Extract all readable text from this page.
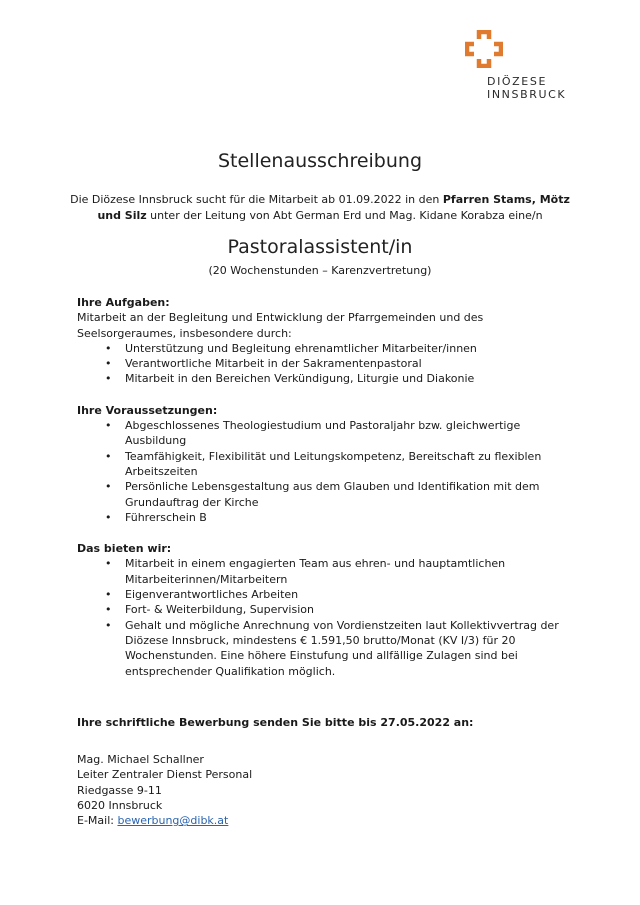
DIÖZESE
INNSBRUCK
Stellenausschreibung
Die Diözese Innsbruck sucht für die Mitarbeit ab 01.09.2022 in den Pfarren Stams, Mötz und Silz unter der Leitung von Abt German Erd und Mag. Kidane Korabza eine/n
Pastoralassistent/in
(20 Wochenstunden – Karenzvertretung)
Ihre Aufgaben:

Mitarbeit an der Begleitung und Entwicklung der Pfarrgemeinden und des Seelsorgeraumes, insbesondere durch:

• Unterstützung und Begleitung ehrenamtlicher Mitarbeiter/innen
• Verantwortliche Mitarbeit in der Sakramentenpastoral
• Mitarbeit in den Bereichen Verkündigung, Liturgie und Diakonie
Ihre Voraussetzungen:
• Abgeschlossenes Theologiestudium und Pastoraljahr bzw. gleichwertige Ausbildung
• Teamfähigkeit, Flexibilität und Leitungskompetenz, Bereitschaft zu flexiblen Arbeitszeiten
• Persönliche Lebensgestaltung aus dem Glauben und Identifikation mit dem Grundauftrag der Kirche
• Führerschein B
Das bieten wir:
• Mitarbeit in einem engagierten Team aus ehren- und hauptamtlichen Mitarbeiterinnen/Mitarbeitern
• Eigenverantwortliches Arbeiten
• Fort- & Weiterbildung, Supervision
• Gehalt und mögliche Anrechnung von Vordienstzeiten laut Kollektivvertrag der Diözese Innsbruck, mindestens € 1.591,50 brutto/Monat (KV I/3) für 20 Wochenstunden. Eine höhere Einstufung und allfällige Zulagen sind bei entsprechender Qualifikation möglich.
Ihre schriftliche Bewerbung senden Sie bitte bis 27.05.2022 an:
Mag. Michael Schallner
Leiter Zentraler Dienst Personal
Riedgasse 9-11
6020 Innsbruck
E-Mail: bewerbung@dibk.at
